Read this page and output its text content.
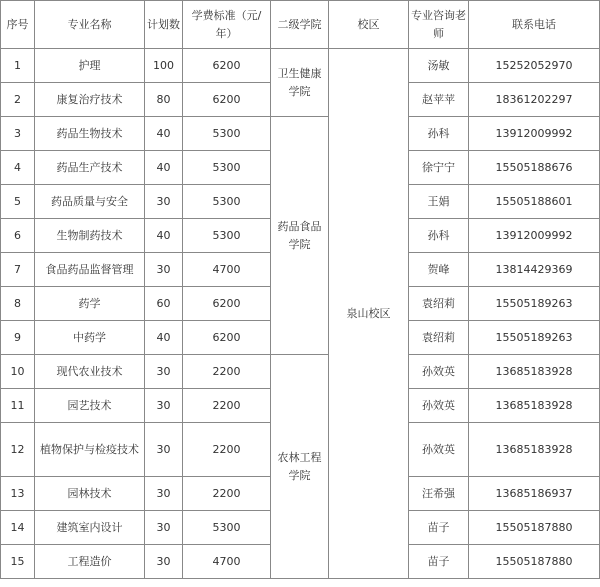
序号	专业名称	计划数	学费标准（元/年）	二级学院	校区	专业咨询老师	联系电话
1	护理	100	6200	卫生健康学院	泉山校区	汤敏	15252052970
2	康复治疗技术	80	6200			赵苹苹	18361202297
3	药品生物技术	40	5300	药品食品学院		孙科	13912009992
4	药品生产技术	40	5300			徐宁宁	15505188676
5	药品质量与安全	30	5300			王娟	15505188601
6	生物制药技术	40	5300			孙科	13912009992
7	食品药品监督管理	30	4700			贺峰	13814429369
8	药学	60	6200			袁绍莉	15505189263
9	中药学	40	6200			袁绍莉	15505189263
10	现代农业技术	30	2200	农林工程学院		孙效英	13685183928
11	园艺技术	30	2200			孙效英	13685183928
12	植物保护与检疫技术	30	2200			孙效英	13685183928
13	园林技术	30	2200			汪希强	13685186937
14	建筑室内设计	30	5300			苗子	15505187880
15	工程造价	30	4700			苗子	15505187880
